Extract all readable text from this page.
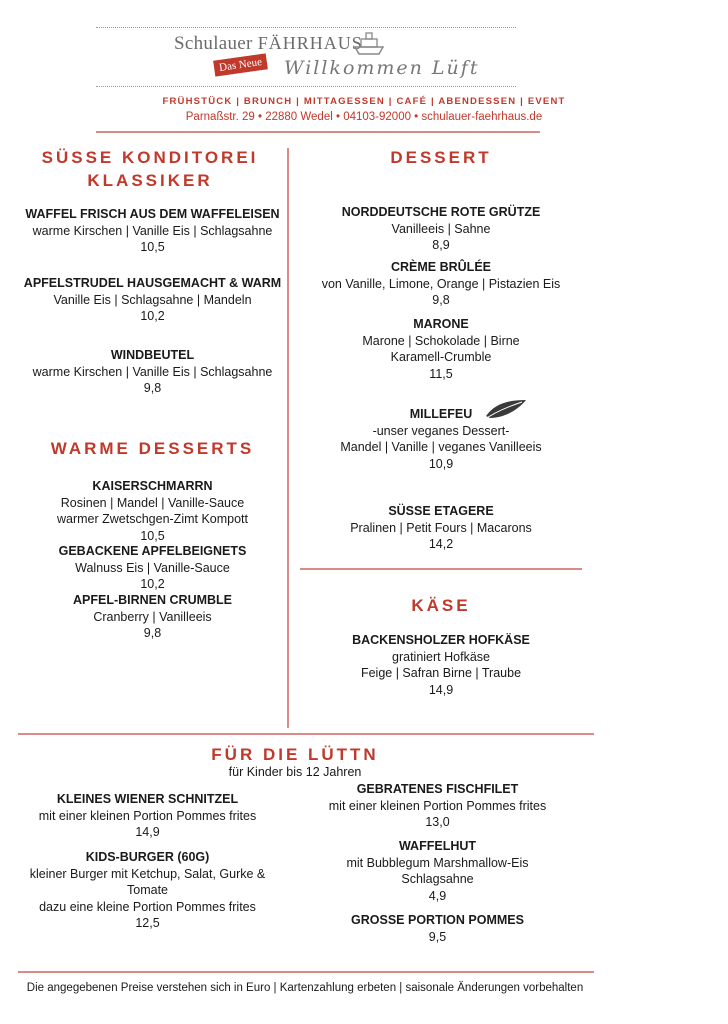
Schulauer FÄHRHAUS
Das Neue Willkommen Lüft
FRÜHSTÜCK | BRUNCH | MITTAGESSEN | CAFÉ | ABENDESSEN | EVENT
Parnaßstr. 29 • 22880 Wedel • 04103-92000 • schulauer-faehrhaus.de
SÜSSE KONDITOREI KLASSIKER
WAFFEL FRISCH AUS DEM WAFFELEISEN
warme Kirschen | Vanille Eis | Schlagsahne
10,5
APFELSTRUDEL HAUSGEMACHT & WARM
Vanille Eis | Schlagsahne | Mandeln
10,2
WINDBEUTEL
warme Kirschen | Vanille Eis | Schlagsahne
9,8
WARME DESSERTS
KAISERSCHMARRN
Rosinen | Mandel | Vanille-Sauce
warmer Zwetschgen-Zimt Kompott
10,5
GEBACKENE APFELBEIGNETS
Walnuss Eis | Vanille-Sauce
10,2
APFEL-BIRNEN CRUMBLE
Cranberry | Vanilleeis
9,8
DESSERT
NORDDEUTSCHE ROTE GRÜTZE
Vanilleeis | Sahne
8,9
CRÈME BRÛLÉE
von Vanille, Limone, Orange | Pistazien Eis
9,8
MARONE
Marone | Schokolade | Birne
Karamell-Crumble
11,5
MILLEFEU
-unser veganes Dessert-
Mandel | Vanille | veganes Vanilleeis
10,9
SÜSSE ETAGERE
Pralinen | Petit Fours | Macarons
14,2
KÄSE
BACKENSHOLZER HOFKÄSE
gratiniert Hofkäse
Feige | Safran Birne | Traube
14,9
FÜR DIE LÜTTN
für Kinder bis 12 Jahren
KLEINES WIENER SCHNITZEL
mit einer kleinen Portion Pommes frites
14,9
KIDS-BURGER (60G)
kleiner Burger mit Ketchup, Salat, Gurke &
Tomate
dazu eine kleine Portion Pommes frites
12,5
GEBRATENES FISCHFILET
mit einer kleinen Portion Pommes frites
13,0
WAFFELHUT
mit Bubblegum Marshmallow-Eis
Schlagsahne
4,9
GROSSE PORTION POMMES
9,5
Die angegebenen Preise verstehen sich in Euro | Kartenzahlung erbeten | saisonale Änderungen vorbehalten
